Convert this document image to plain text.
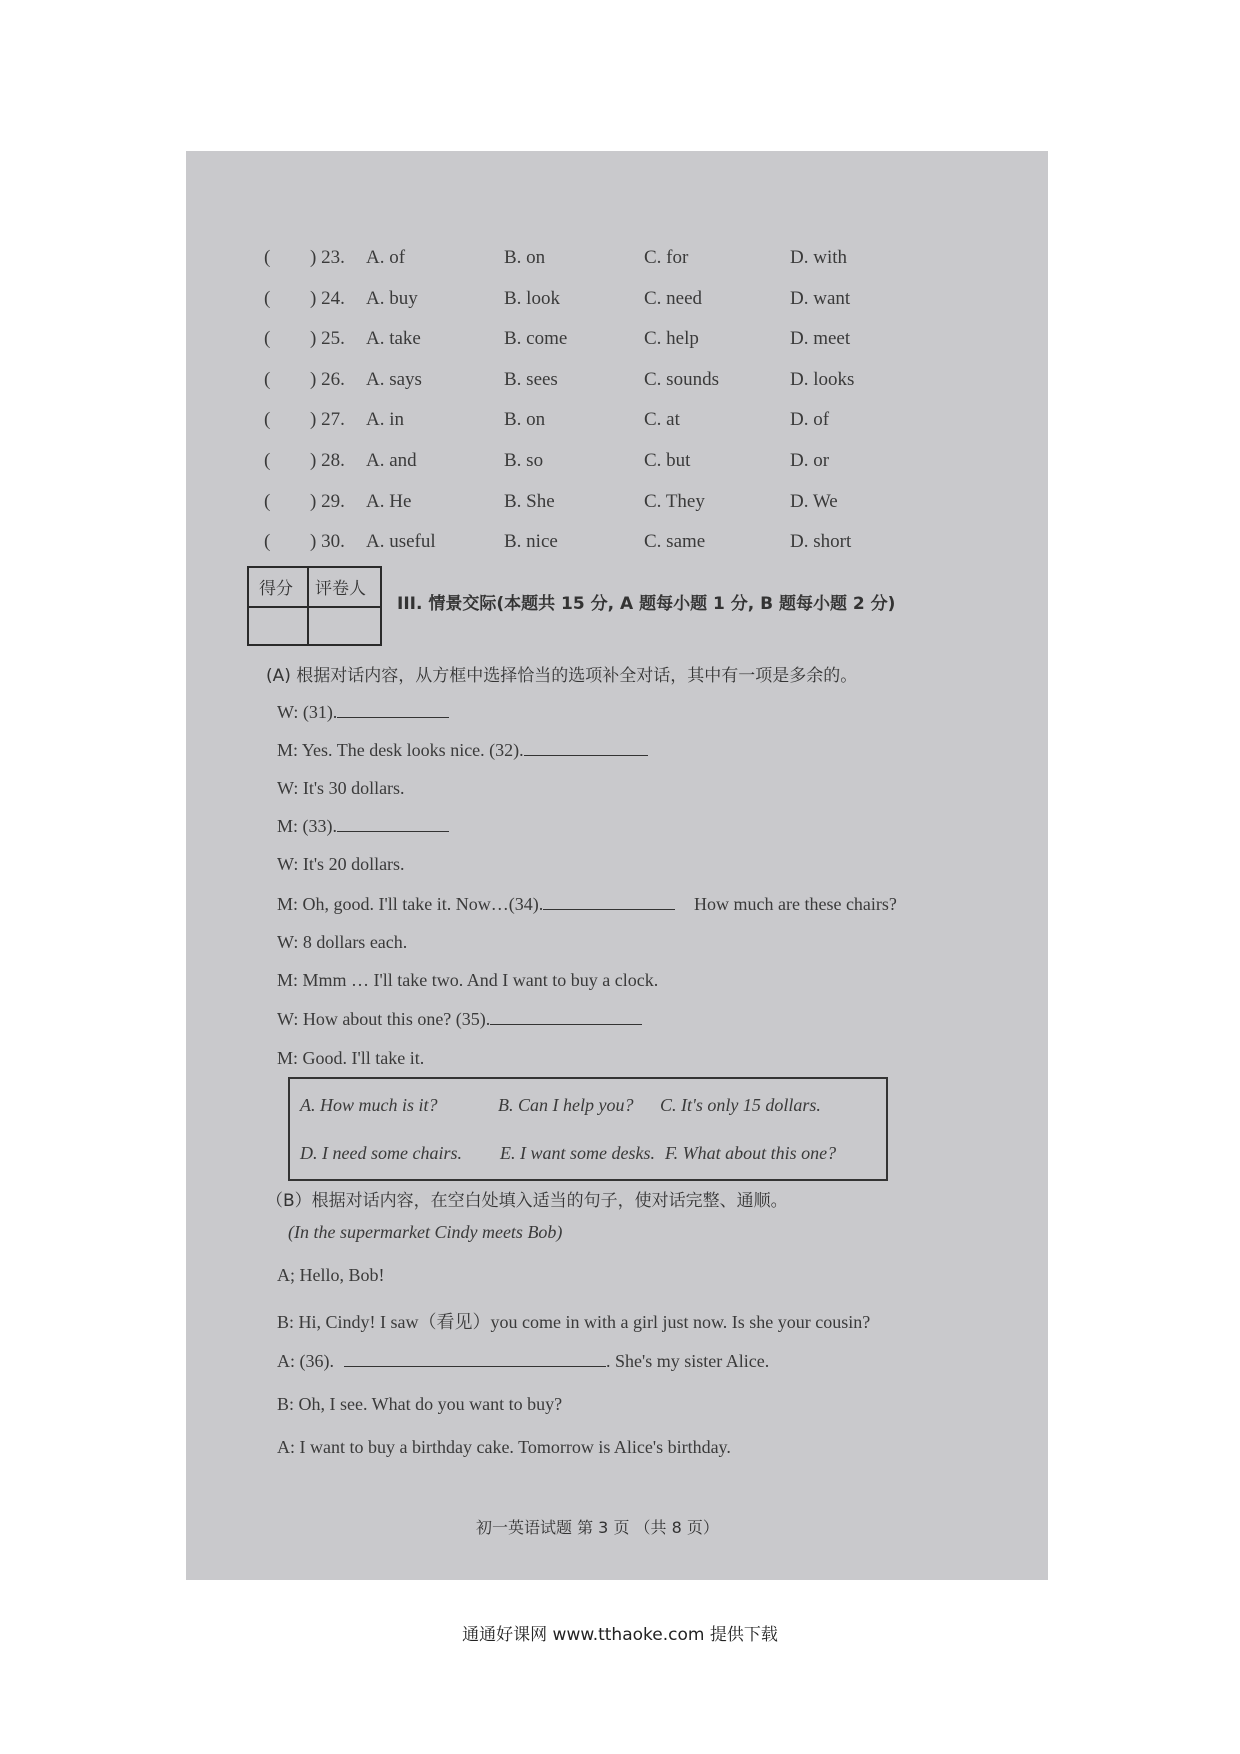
( ) 23. A. of	B. on	C. for	D. with
( ) 24. A. buy	B. look	C. need	D. want
( ) 25. A. take	B. come	C. help	D. meet
( ) 26. A. says	B. sees	C. sounds	D. looks
( ) 27. A. in	B. on	C. at	D. of
( ) 28. A. and	B. so	C. but	D. or
( ) 29. A. He	B. She	C. They	D. We
( ) 30. A. useful	B. nice	C. same	D. short
得分 评卷人
III. 情景交际(本题共 15 分, A 题每小题 1 分, B 题每小题 2 分)
(A) 根据对话内容，从方框中选择恰当的选项补全对话，其中有一项是多余的。
W: (31).
M: Yes. The desk looks nice. (32).
W: It's 30 dollars.
M: (33).
W: It's 20 dollars.
M: Oh, good. I'll take it. Now…(34).	How much are these chairs?
W: 8 dollars each.
M: Mmm … I'll take two. And I want to buy a clock.
W: How about this one? (35).
M: Good. I'll take it.
A. How much is it?	B. Can I help you? C. It's only 15 dollars.
D. I need some chairs. E. I want some desks. F. What about this one?
（B）根据对话内容，在空白处填入适当的句子，使对话完整、通顺。
(In the supermarket Cindy meets Bob)
A; Hello, Bob!
B: Hi, Cindy! I saw（看见）you come in with a girl just now. Is she your cousin?
A: (36).	. She's my sister Alice.
B: Oh, I see. What do you want to buy?
A: I want to buy a birthday cake. Tomorrow is Alice's birthday.
初一英语试题 第 3 页 （共 8 页）
通通好课网 www.tthaoke.com 提供下载
